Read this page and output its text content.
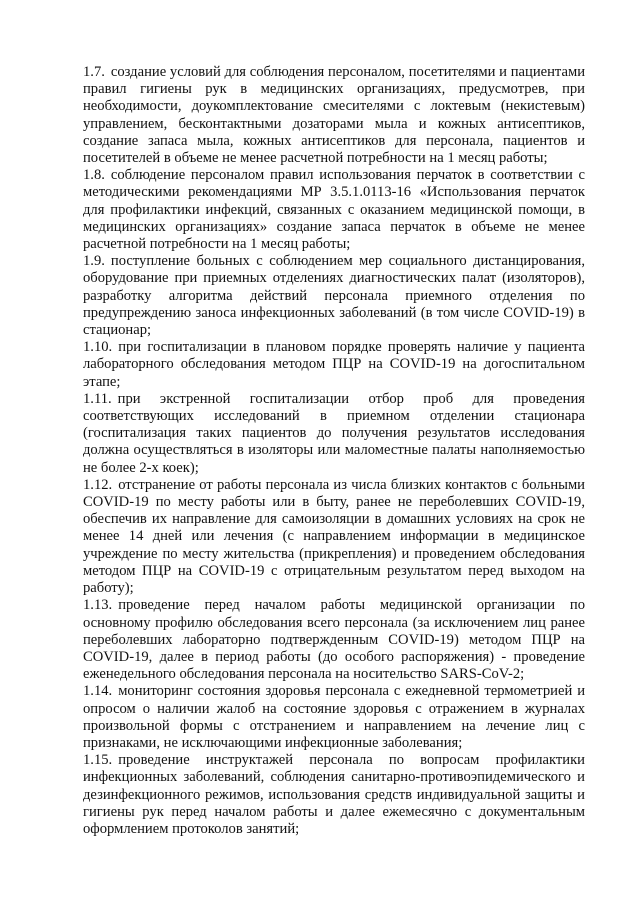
1.7. создание условий для соблюдения персоналом, посетителями и пациентами правил гигиены рук в медицинских организациях, предусмотрев, при необходимости, доукомплектование смесителями с локтевым (некистевым) управлением, бесконтактными дозаторами мыла и кожных антисептиков, создание запаса мыла, кожных антисептиков для персонала, пациентов и посетителей в объеме не менее расчетной потребности на 1 месяц работы;

1.8. соблюдение персоналом правил использования перчаток в соответствии с методическими рекомендациями МР 3.5.1.0113-16 «Использования перчаток для профилактики инфекций, связанных с оказанием медицинской помощи, в медицинских организациях» создание запаса перчаток в объеме не менее расчетной потребности на 1 месяц работы;

1.9. поступление больных с соблюдением мер социального дистанцирования, оборудование при приемных отделениях диагностических палат (изоляторов), разработку алгоритма действий персонала приемного отделения по предупреждению заноса инфекционных заболеваний (в том числе COVID-19) в стационар;

1.10. при госпитализации в плановом порядке проверять наличие у пациента лабораторного обследования методом ПЦР на COVID-19 на догоспитальном этапе;

1.11. при экстренной госпитализации отбор проб для проведения соответствующих исследований в приемном отделении стационара (госпитализация таких пациентов до получения результатов исследования должна осуществляться в изоляторы или маломестные палаты наполняемостью не более 2-х коек);

1.12. отстранение от работы персонала из числа близких контактов с больными COVID-19 по месту работы или в быту, ранее не переболевших COVID-19, обеспечив их направление для самоизоляции в домашних условиях на срок не менее 14 дней или лечения (с направлением информации в медицинское учреждение по месту жительства (прикрепления) и проведением обследования методом ПЦР на COVID-19 с отрицательным результатом перед выходом на работу);

1.13. проведение перед началом работы медицинской организации по основному профилю обследования всего персонала (за исключением лиц ранее переболевших лабораторно подтвержденным COVID-19) методом ПЦР на COVID-19, далее в период работы (до особого распоряжения) - проведение еженедельного обследования персонала на носительство SARS-CoV-2;

1.14. мониторинг состояния здоровья персонала с ежедневной термометрией и опросом о наличии жалоб на состояние здоровья с отражением в журналах произвольной формы с отстранением и направлением на лечение лиц с признаками, не исключающими инфекционные заболевания;

1.15. проведение инструктажей персонала по вопросам профилактики инфекционных заболеваний, соблюдения санитарно-противоэпидемического и дезинфекционного режимов, использования средств индивидуальной защиты и гигиены рук перед началом работы и далее ежемесячно с документальным оформлением протоколов занятий;
